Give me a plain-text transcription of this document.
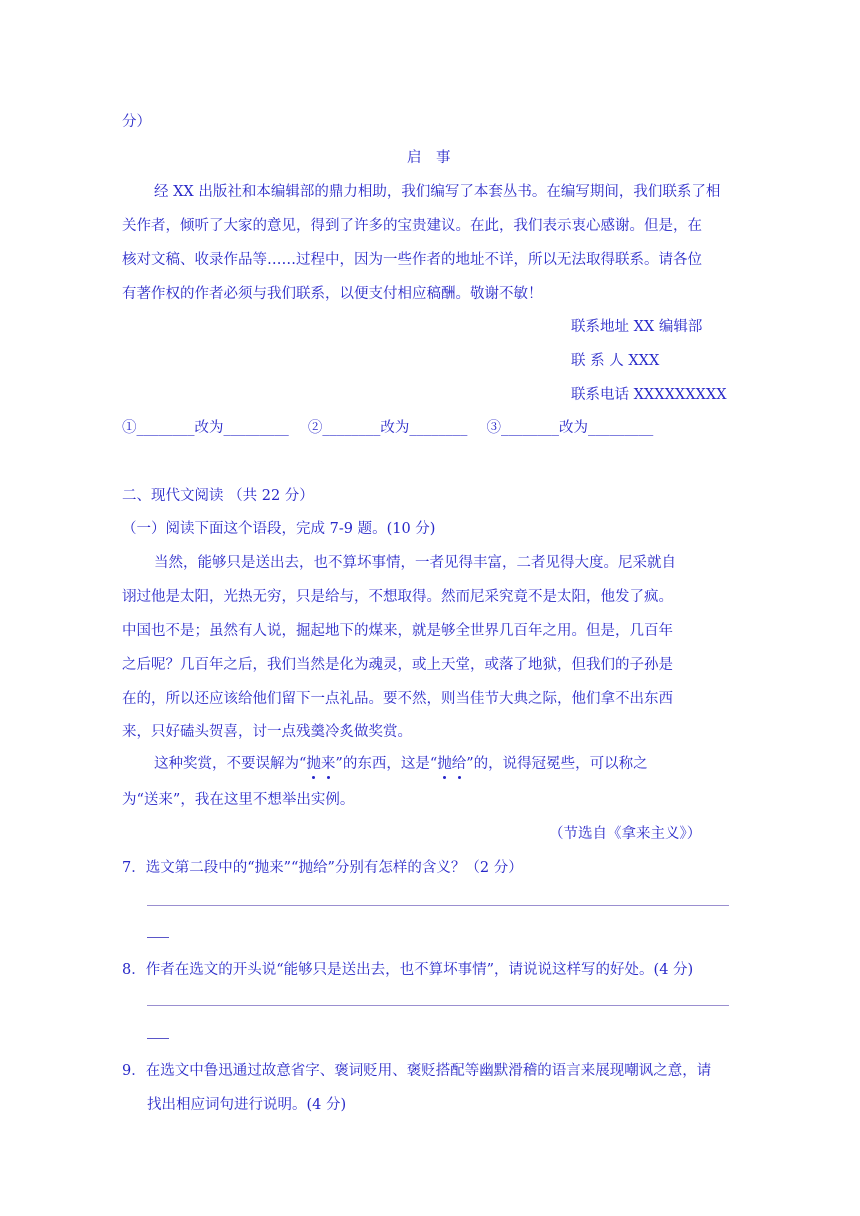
分）
启　事
经 XX 出版社和本编辑部的鼎力相助，我们编写了本套丛书。在编写期间，我们联系了相
关作者，倾听了大家的意见，得到了许多的宝贵建议。在此，我们表示衷心感谢。但是，在
核对文稿、收录作品等……过程中，因为一些作者的地址不详，所以无法取得联系。请各位
有著作权的作者必须与我们联系，以便支付相应稿酬。敬谢不敏！
联系地址 XX 编辑部
联 系 人 XXX
联系电话 XXXXXXXXX
①________改为_________　 ②________改为________　 ③________改为_________
二、现代文阅读 （共 22 分）
（一）阅读下面这个语段，完成 7-9 题。(10 分)
当然，能够只是送出去，也不算坏事情，一者见得丰富，二者见得大度。尼采就自
诩过他是太阳，光热无穷，只是给与，不想取得。然而尼采究竟不是太阳，他发了疯。
中国也不是；虽然有人说，掘起地下的煤来，就是够全世界几百年之用。但是，几百年
之后呢？几百年之后，我们当然是化为魂灵，或上天堂，或落了地狱，但我们的子孙是
在的，所以还应该给他们留下一点礼品。要不然，则当佳节大典之际，他们拿不出东西
来，只好磕头贺喜，讨一点残羹冷炙做奖赏。
这种奖赏，不要误解为“抛来”的东西，这是“抛给”的，说得冠冕些，可以称之
为“送来”，我在这里不想举出实例。
（节选自《拿来主义》）
7．选文第二段中的“抛来”“抛给”分别有怎样的含义？（2 分）
8．作者在选文的开头说“能够只是送出去，也不算坏事情”，请说说这样写的好处。(4 分)
9．在选文中鲁迅通过故意省字、褒词贬用、褒贬搭配等幽默滑稽的语言来展现嘲讽之意，请
找出相应词句进行说明。(4 分)
